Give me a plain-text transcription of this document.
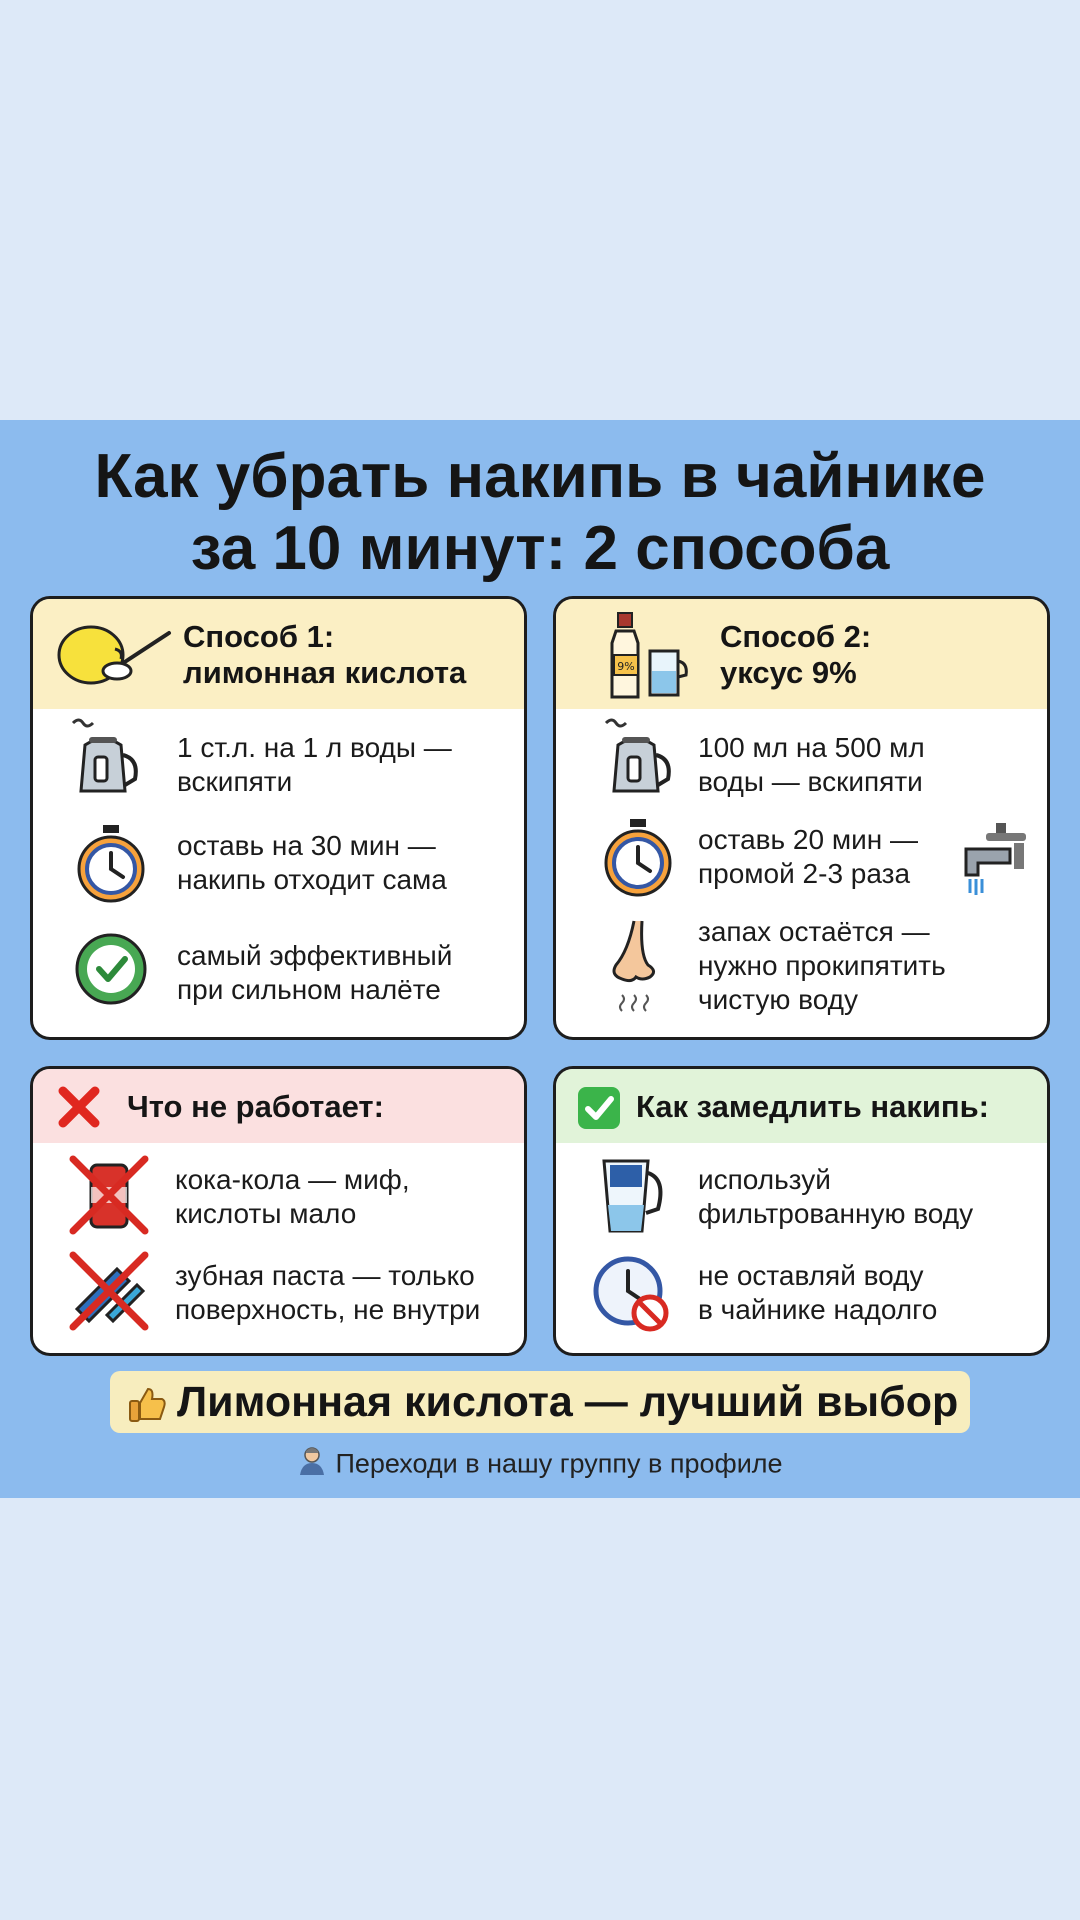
Как убрать накипь в чайнике
за 10 минут: 2 способа
Способ 1:
лимонная кислота
1 ст.л. на 1 л воды —
вскипяти
оставь на 30 мин —
накипь отходит сама
самый эффективный
при сильном налёте
9%
Способ 2:
уксус 9%
100 мл на 500 мл
воды — вскипяти
оставь 20 мин —
промой 2-3 раза
запах остаётся —
нужно прокипятить
чистую воду
Что не работает:
кока-кола — миф,
кислоты мало
зубная паста — только
поверхность, не внутри
Как замедлить накипь:
используй
фильтрованную воду
не оставляй воду
в чайнике надолго
Лимонная кислота — лучший выбор
Переходи в нашу группу в профиле
